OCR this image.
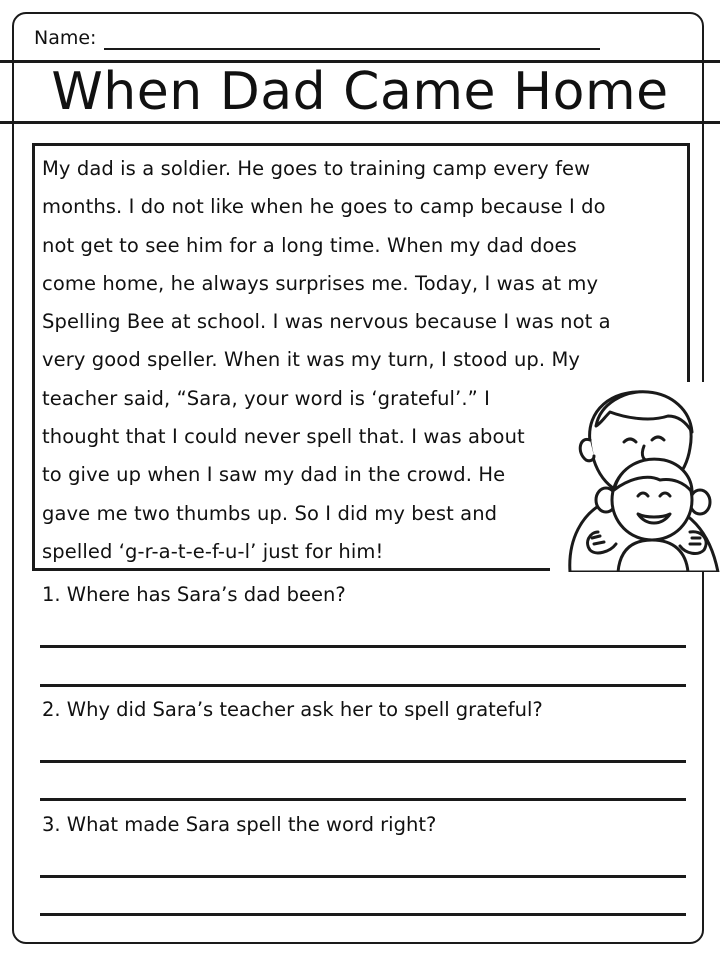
Name:
When Dad Came Home
My dad is a soldier. He goes to training camp every few
months. I do not like when he goes to camp because I do
not get to see him for a long time. When my dad does
come home, he always surprises me. Today, I was at my
Spelling Bee at school. I was nervous because I was not a
very good speller. When it was my turn, I stood up. My
teacher said, “Sara, your word is ‘grateful’.” I
thought that I could never spell that. I was about
to give up when I saw my dad in the crowd. He
gave me two thumbs up. So I did my best and
spelled ‘g-r-a-t-e-f-u-l’ just for him!
1. Where has Sara’s dad been?
2. Why did Sara’s teacher ask her to spell grateful?
3. What made Sara spell the word right?
